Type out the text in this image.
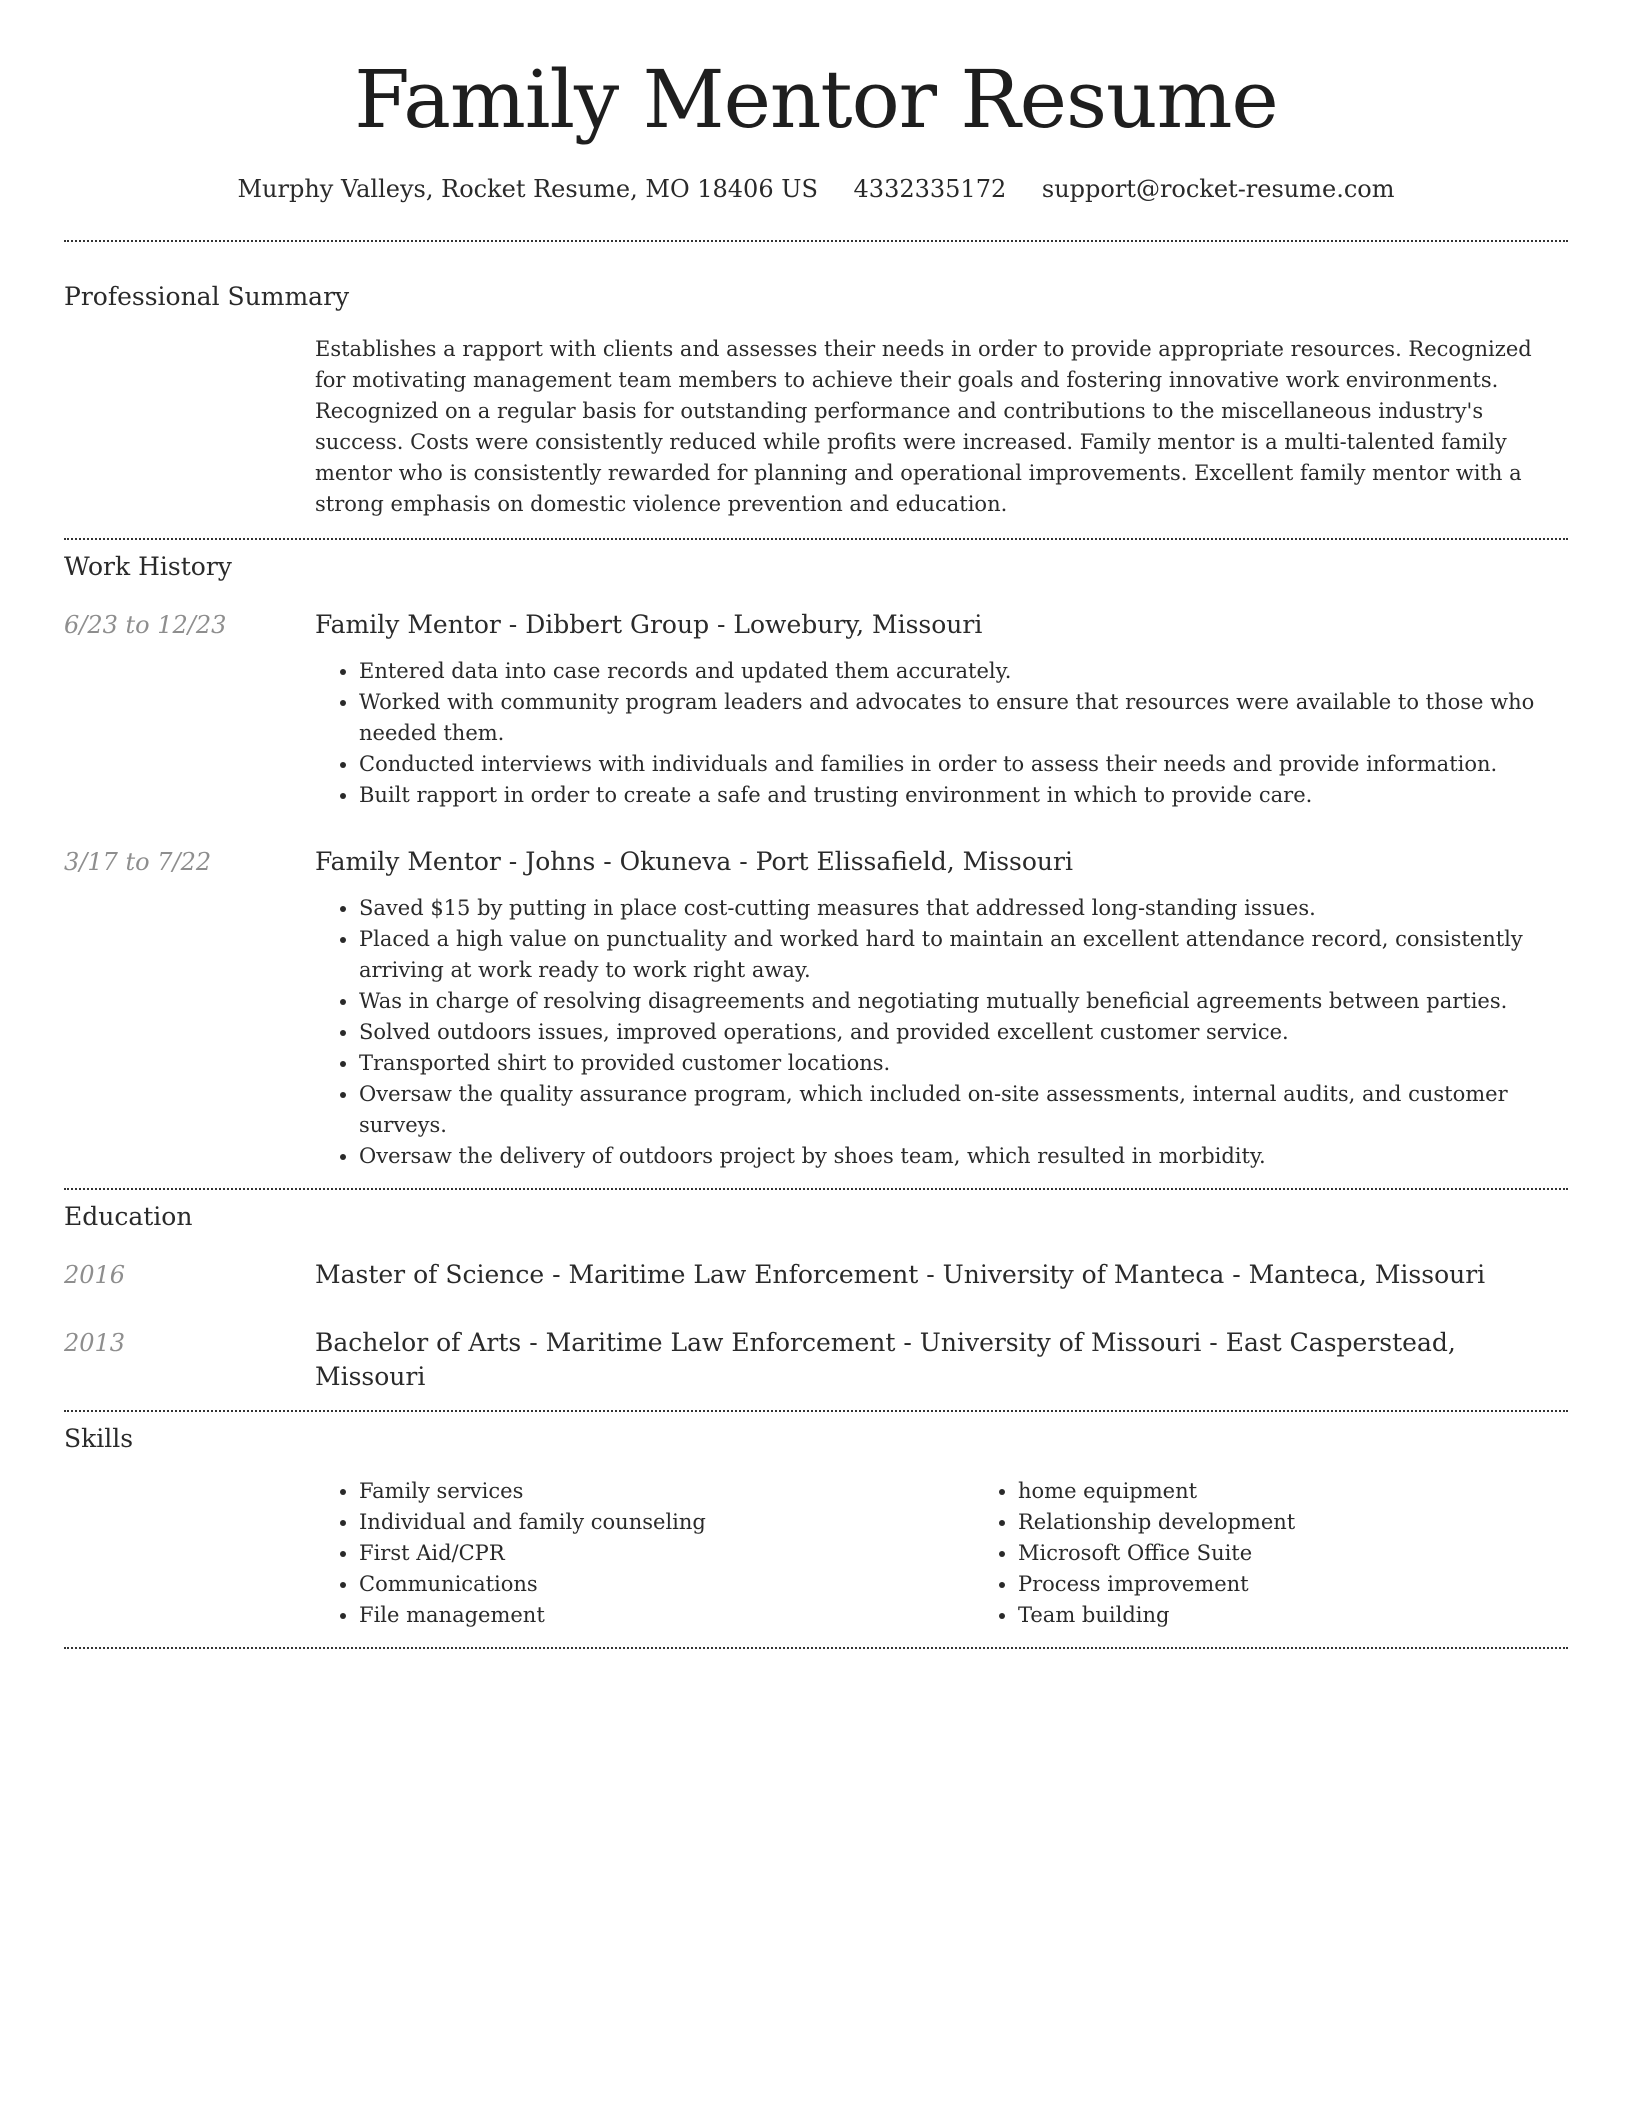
Family Mentor Resume
Murphy Valleys, Rocket Resume, MO 18406 US 4332335172 support@rocket-resume.com
Professional Summary

Establishes a rapport with clients and assesses their needs in order to provide appropriate resources. Recognized for motivating management team members to achieve their goals and fostering innovative work environments. Recognized on a regular basis for outstanding performance and contributions to the miscellaneous industry's success. Costs were consistently reduced while profits were increased. Family mentor is a multi-talented family mentor who is consistently rewarded for planning and operational improvements. Excellent family mentor with a strong emphasis on domestic violence prevention and education.

Work History
6/23 to 12/23	Family Mentor - Dibbert Group - Lowebury, Missouri
• Entered data into case records and updated them accurately.
• Worked with community program leaders and advocates to ensure that resources were available to those who needed them.
• Conducted interviews with individuals and families in order to assess their needs and provide information.
• Built rapport in order to create a safe and trusting environment in which to provide care.
3/17 to 7/22	Family Mentor - Johns - Okuneva - Port Elissafield, Missouri
• Saved $15 by putting in place cost-cutting measures that addressed long-standing issues.
• Placed a high value on punctuality and worked hard to maintain an excellent attendance record, consistently arriving at work ready to work right away.
• Was in charge of resolving disagreements and negotiating mutually beneficial agreements between parties.
• Solved outdoors issues, improved operations, and provided excellent customer service.
• Transported shirt to provided customer locations.
• Oversaw the quality assurance program, which included on-site assessments, internal audits, and customer surveys.
• Oversaw the delivery of outdoors project by shoes team, which resulted in morbidity.
Education
2016	Master of Science - Maritime Law Enforcement - University of Manteca - Manteca, Missouri
2013	Bachelor of Arts - Maritime Law Enforcement - University of Missouri - East Casperstead, Missouri
Skills
• Family services
• Individual and family counseling
• First Aid/CPR
• Communications
• File management
• home equipment
• Relationship development
• Microsoft Office Suite
• Process improvement
• Team building
